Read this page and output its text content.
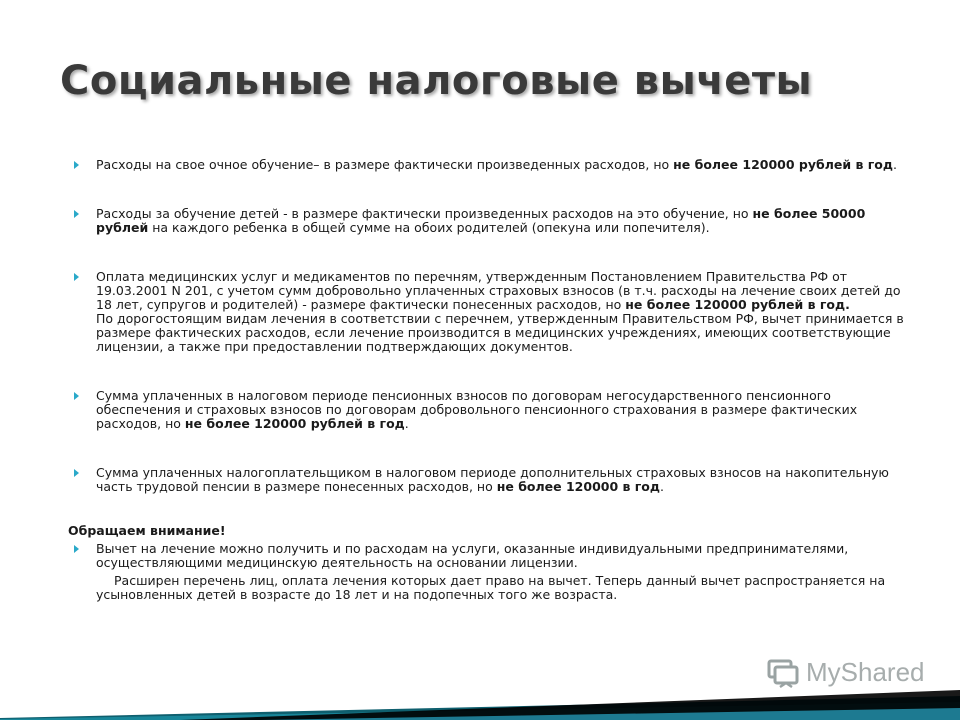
Социальные налоговые вычеты
Расходы на свое очное обучение– в размере фактически произведенных расходов, но не более 120000 рублей в год.
Расходы за обучение детей - в размере фактически произведенных расходов на это обучение, но не более 50000 рублей на каждого ребенка в общей сумме на обоих родителей (опекуна или попечителя).
Оплата медицинских услуг и медикаментов по перечням, утвержденным Постановлением Правительства РФ от 19.03.2001 N 201, с учетом сумм добровольно уплаченных страховых взносов (в т.ч. расходы на лечение своих детей до 18 лет, супругов и родителей) - размере фактически понесенных расходов, но не более 120000 рублей в год.
По дорогостоящим видам лечения в соответствии с перечнем, утвержденным Правительством РФ, вычет принимается в размере фактических расходов, если лечение производится в медицинских учреждениях, имеющих соответствующие лицензии, а также при предоставлении подтверждающих документов.
Сумма уплаченных в налоговом периоде пенсионных взносов по договорам негосударственного пенсионного обеспечения и страховых взносов по договорам добровольного пенсионного страхования в размере фактических расходов, но не более 120000 рублей в год.
Сумма уплаченных налогоплательщиком в налоговом периоде дополнительных страховых взносов на накопительную часть трудовой пенсии в размере понесенных расходов, но не более 120000 в год.
Обращаем внимание!
Вычет на лечение можно получить и по расходам на услуги, оказанные индивидуальными предпринимателями, осуществляющими медицинскую деятельность на основании лицензии.
Расширен перечень лиц, оплата лечения которых дает право на вычет. Теперь данный вычет распространяется на усыновленных детей в возрасте до 18 лет и на подопечных того же возраста.
MyShared
